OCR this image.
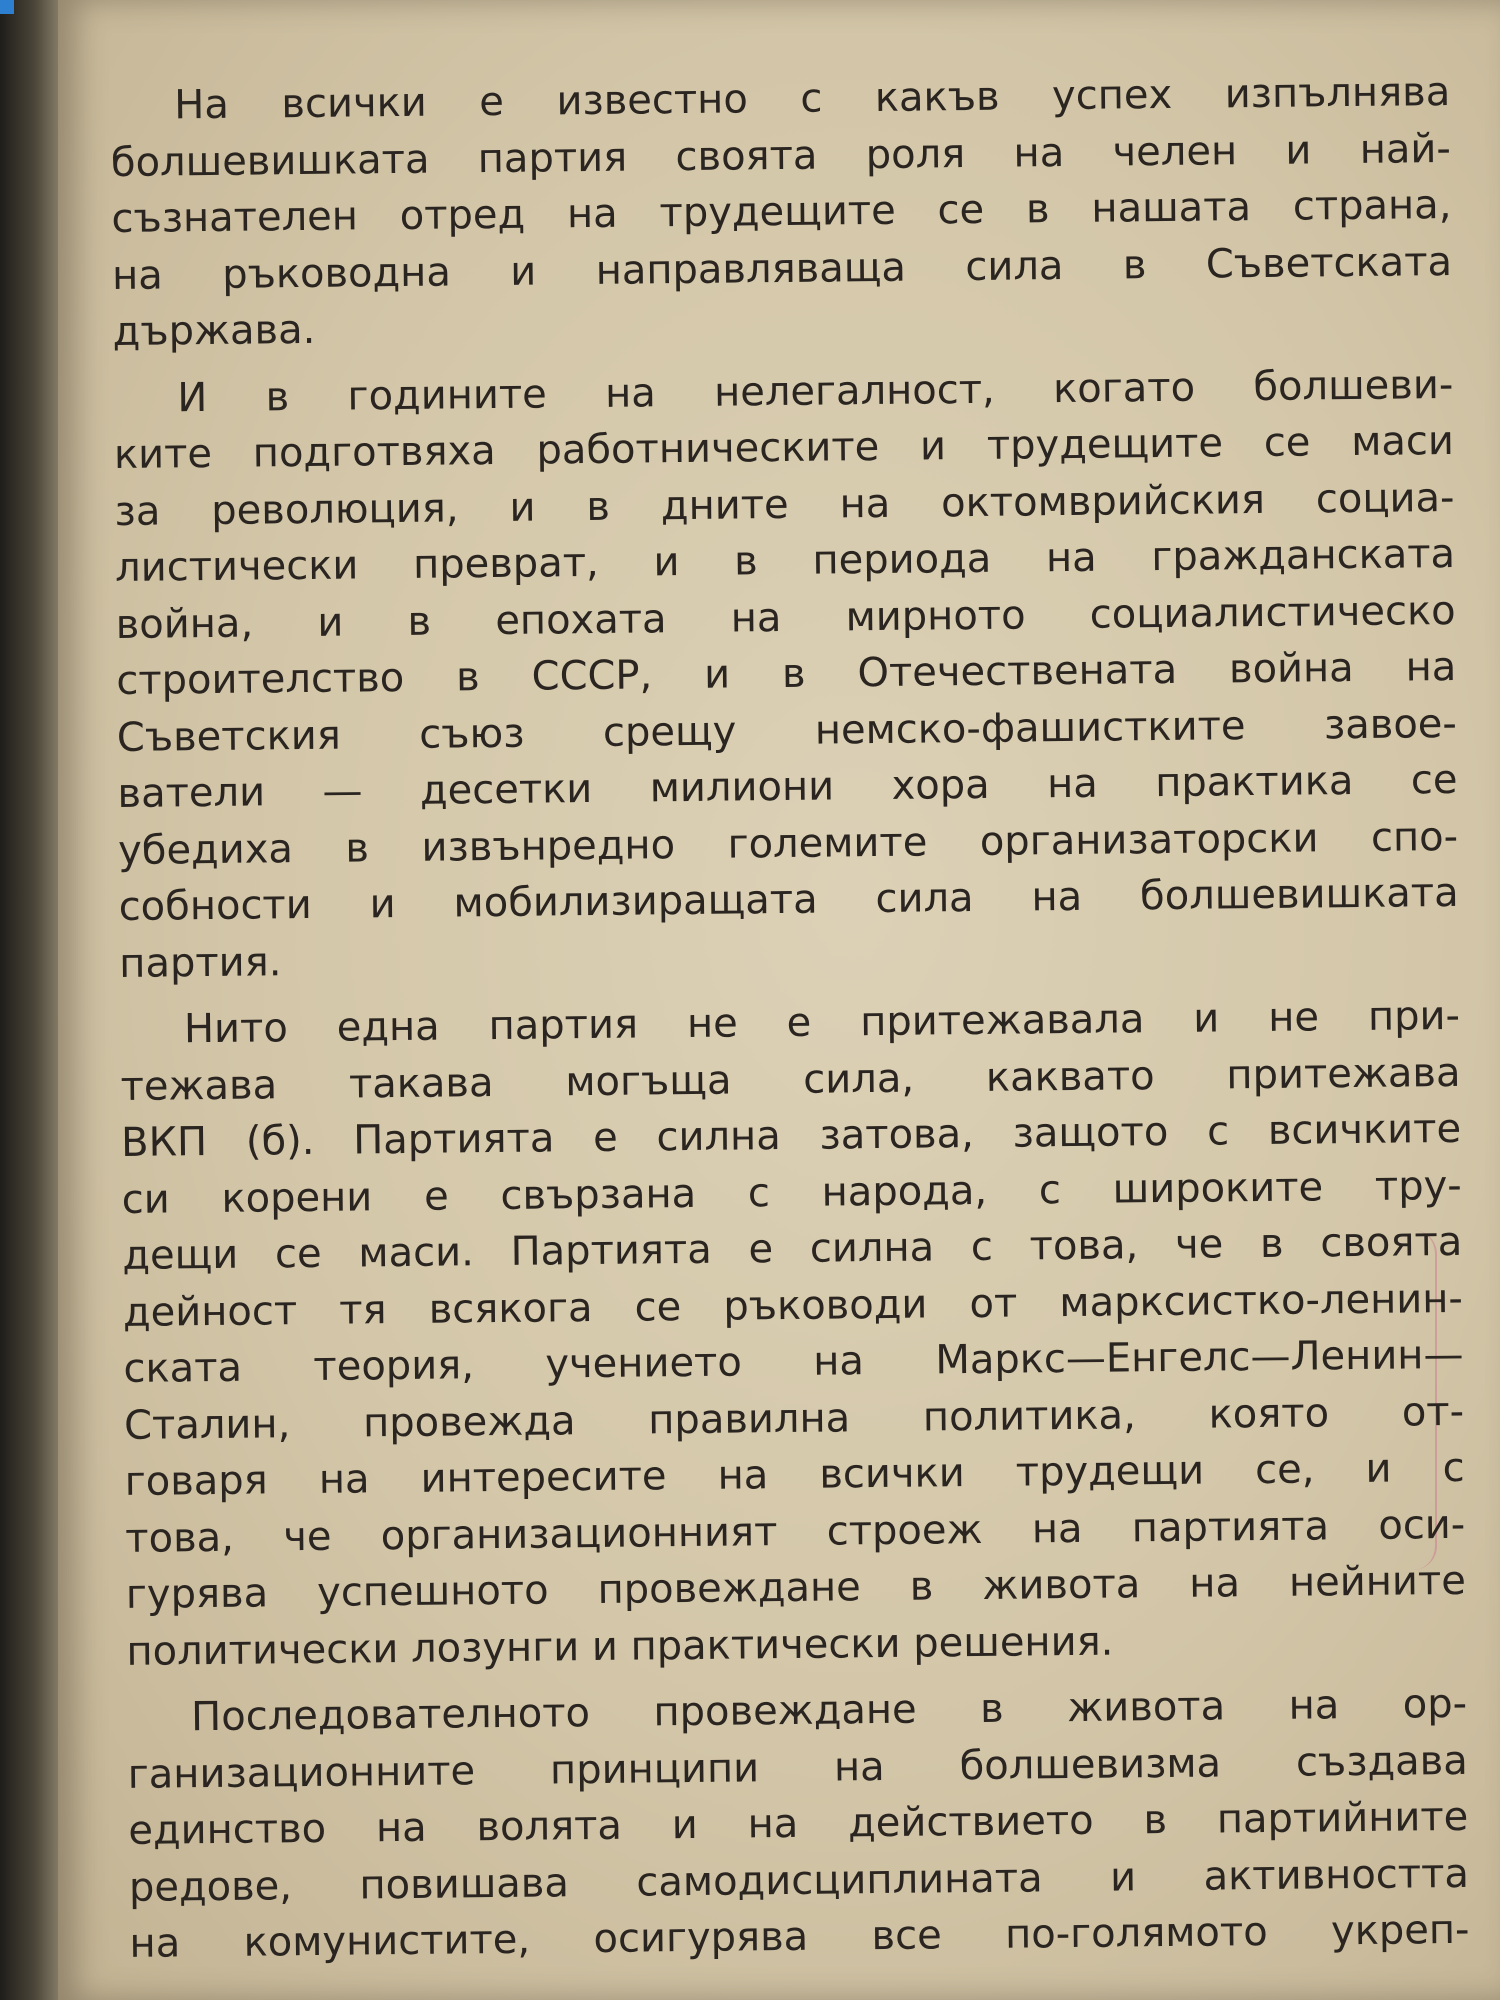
На всички е известно с какъв успех изпълнява
болшевишката партия своята роля на челен и най-
съзнателен отред на трудещите се в нашата страна,
на ръководна и направляваща сила в Съветската
държава.
И в годините на нелегалност, когато болшеви-
ките подготвяха работническите и трудещите се маси
за революция, и в дните на октомврийския социа-
листически преврат, и в периода на гражданската
война, и в епохата на мирното социалистическо
строителство в СССР, и в Отечествената война на
Съветския съюз срещу немско-фашистките завое-
ватели — десетки милиони хора на практика се
убедиха в извънредно големите организаторски спо-
собности и мобилизиращата сила на болшевишката
партия.
Нито една партия не е притежавала и не при-
тежава такава могъща сила, каквато притежава
ВКП (б). Партията е силна затова, защото с всичките
си корени е свързана с народа, с широките тру-
дещи се маси. Партията е силна с това, че в своята
дейност тя всякога се ръководи от марксистко-ленин-
ската теория, учението на Маркс—Енгелс—Ленин—
Сталин, провежда правилна политика, която от-
говаря на интересите на всички трудещи се, и с
това, че организационният строеж на партията оси-
гурява успешното провеждане в живота на нейните
политически лозунги и практически решения.
Последователното провеждане в живота на ор-
ганизационните принципи на болшевизма създава
единство на волята и на действието в партийните
редове, повишава самодисциплината и активността
на комунистите, осигурява все по-голямото укреп-
